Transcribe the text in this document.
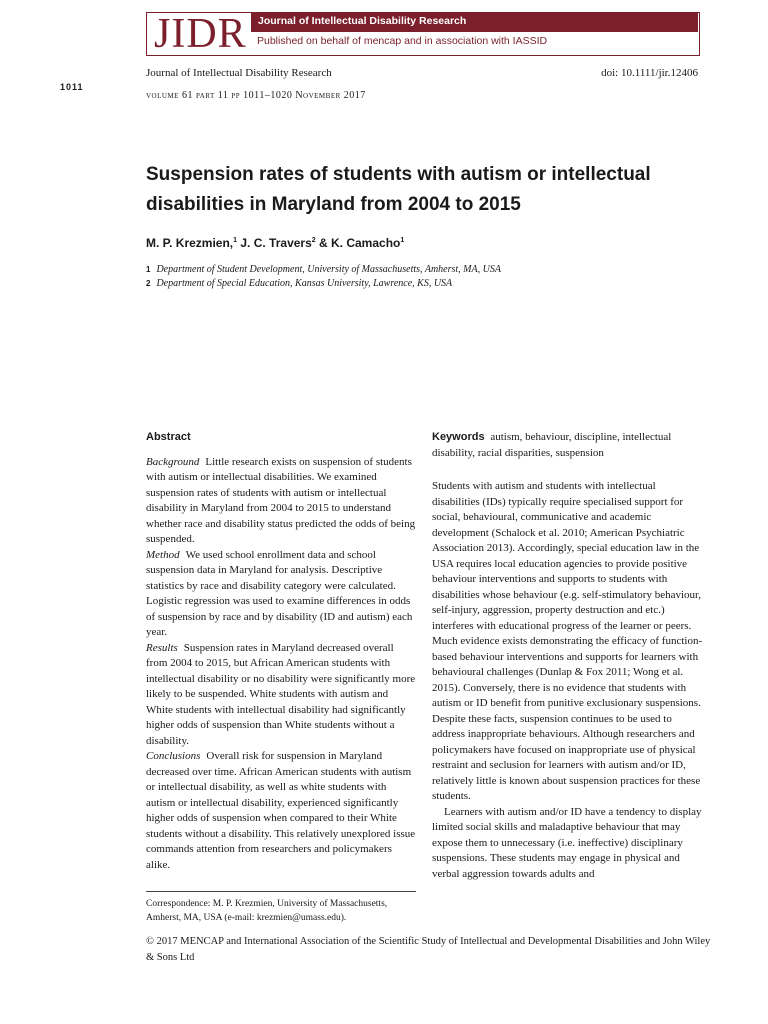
JIDR Journal of Intellectual Disability Research
Published on behalf of mencap and in association with IASSID
1011
Journal of Intellectual Disability Research	doi: 10.1111/jir.12406
volume 61 part 11 pp 1011–1020 November 2017
Suspension rates of students with autism or intellectual disabilities in Maryland from 2004 to 2015
M. P. Krezmien,$^1$ J. C. Travers$^2$ & K. Camacho$^1$
1 Department of Student Development, University of Massachusetts, Amherst, MA, USA
2 Department of Special Education, Kansas University, Lawrence, KS, USA
Abstract
Background Little research exists on suspension of students with autism or intellectual disabilities. We examined suspension rates of students with autism or intellectual disability in Maryland from 2004 to 2015 to understand whether race and disability status predicted the odds of being suspended.
Method We used school enrollment data and school suspension data in Maryland for analysis. Descriptive statistics by race and disability category were calculated. Logistic regression was used to examine differences in odds of suspension by race and by disability (ID and autism) each year.
Results Suspension rates in Maryland decreased overall from 2004 to 2015, but African American students with intellectual disability or no disability were significantly more likely to be suspended. White students with autism and White students with intellectual disability had significantly higher odds of suspension than White students without a disability.
Conclusions Overall risk for suspension in Maryland decreased over time. African American students with autism or intellectual disability, as well as white students with autism or intellectual disability, experienced significantly higher odds of suspension when compared to their White students without a disability. This relatively unexplored issue commands attention from researchers and policymakers alike.
Keywords autism, behaviour, discipline, intellectual disability, racial disparities, suspension
Students with autism and students with intellectual disabilities (IDs) typically require specialised support for social, behavioural, communicative and academic development (Schalock et al. 2010; American Psychiatric Association 2013). Accordingly, special education law in the USA requires local education agencies to provide positive behaviour interventions and supports to students with disabilities whose behaviour (e.g. self-stimulatory behaviour, self-injury, aggression, property destruction and etc.) interferes with educational progress of the learner or peers. Much evidence exists demonstrating the efficacy of function-based behaviour interventions and supports for learners with behavioural challenges (Dunlap & Fox 2011; Wong et al. 2015). Conversely, there is no evidence that students with autism or ID benefit from punitive exclusionary suspensions. Despite these facts, suspension continues to be used to address inappropriate behaviours. Although researchers and policymakers have focused on inappropriate use of physical restraint and seclusion for learners with autism and/or ID, relatively little is known about suspension practices for these students.
Learners with autism and/or ID have a tendency to display limited social skills and maladaptive behaviour that may expose them to unnecessary (i.e. ineffective) disciplinary suspensions. These students may engage in physical and verbal aggression towards adults and
Correspondence: M. P. Krezmien, University of Massachusetts, Amherst, MA, USA (e-mail: krezmien@umass.edu).
© 2017 MENCAP and International Association of the Scientific Study of Intellectual and Developmental Disabilities and John Wiley & Sons Ltd
